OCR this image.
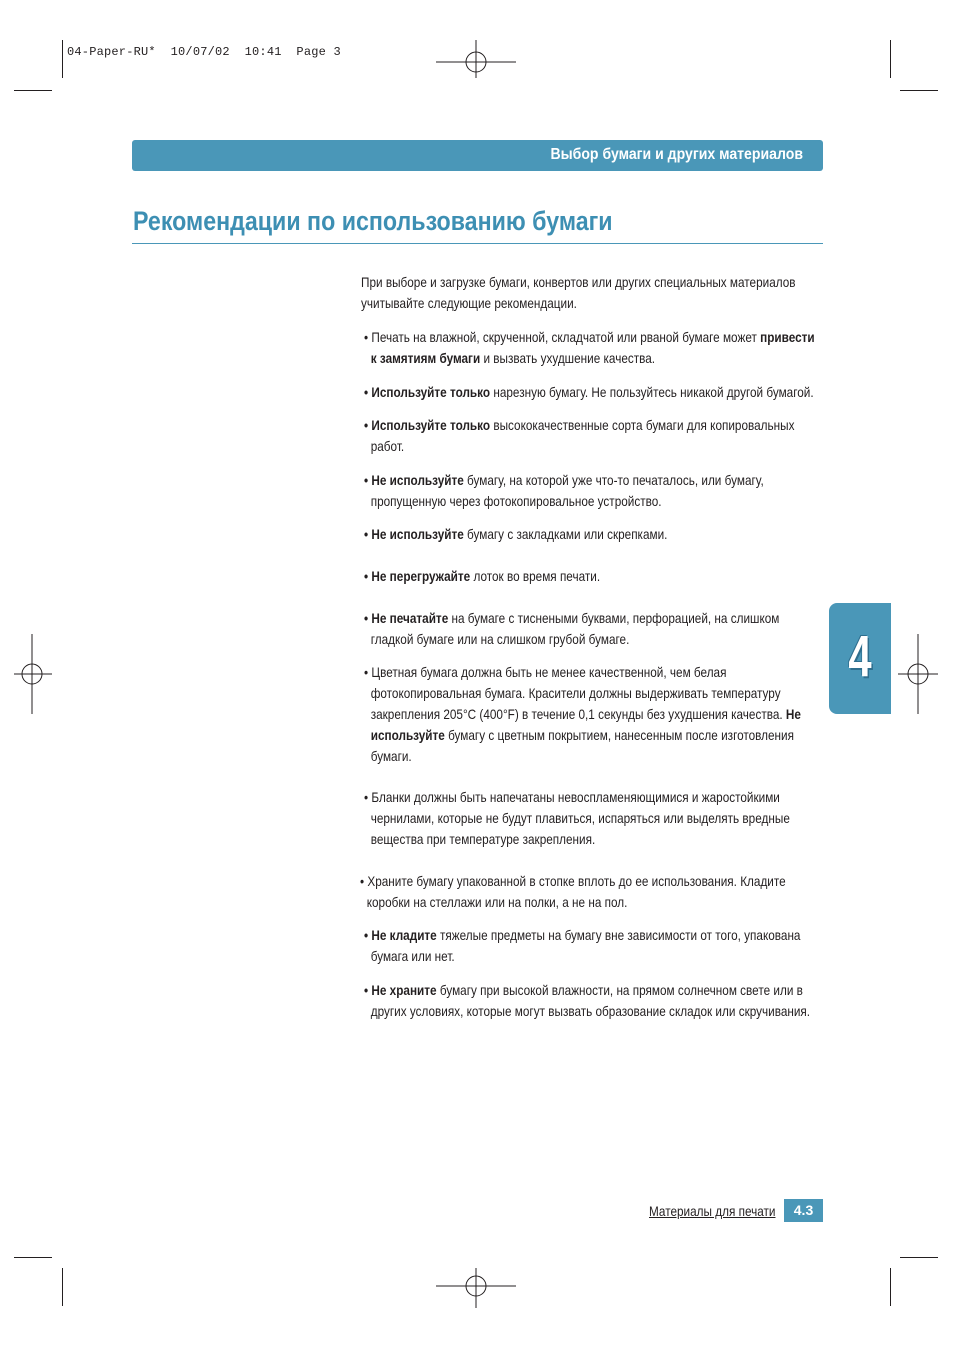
04-Paper-RU*  10/07/02  10:41  Page 3
Выбор бумаги и других материалов
Рекомендации по использованию бумаги
При выборе и загрузке бумаги, конвертов или других специальных материалов
учитывайте следующие рекомендации.
• Печать на влажной, скрученной, складчатой или рваной бумаге может привести
к замятиям бумаги и вызвать ухудшение качества.
• Используйте только нарезную бумагу. Не пользуйтесь никакой другой бумагой.
• Используйте только высококачественные сорта бумаги для копировальных
работ.
• Не используйте бумагу, на которой уже что-то печаталось, или бумагу,
пропущенную через фотокопировальное устройство.
• Не используйте бумагу с закладками или скрепками.
• Не перегружайте лоток во время печати.
• Не печатайте на бумаге с тиснеными буквами, перфорацией, на слишком
гладкой бумаге или на слишком грубой бумаге.
• Цветная бумага должна быть не менее качественной, чем белая
фотокопировальная бумага. Красители должны выдерживать температуру
закрепления 205°C (400°F) в течение 0,1 секунды без ухудшения качества. Не
используйте бумагу с цветным покрытием, нанесенным после изготовления
бумаги.
• Бланки должны быть напечатаны невоспламеняющимися и жаростойкими
чернилами, которые не будут плавиться, испаряться или выделять вредные
вещества при температуре закрепления.
• Храните бумагу упакованной в стопке вплоть до ее использования. Кладите
коробки на стеллажи или на полки, а не на пол.
• Не кладите тяжелые предметы на бумагу вне зависимости от того, упакована
бумага или нет.
• Не храните бумагу при высокой влажности, на прямом солнечном свете или в
других условиях, которые могут вызвать образование складок или скручивания.
4
Материалы для печати	4.3
